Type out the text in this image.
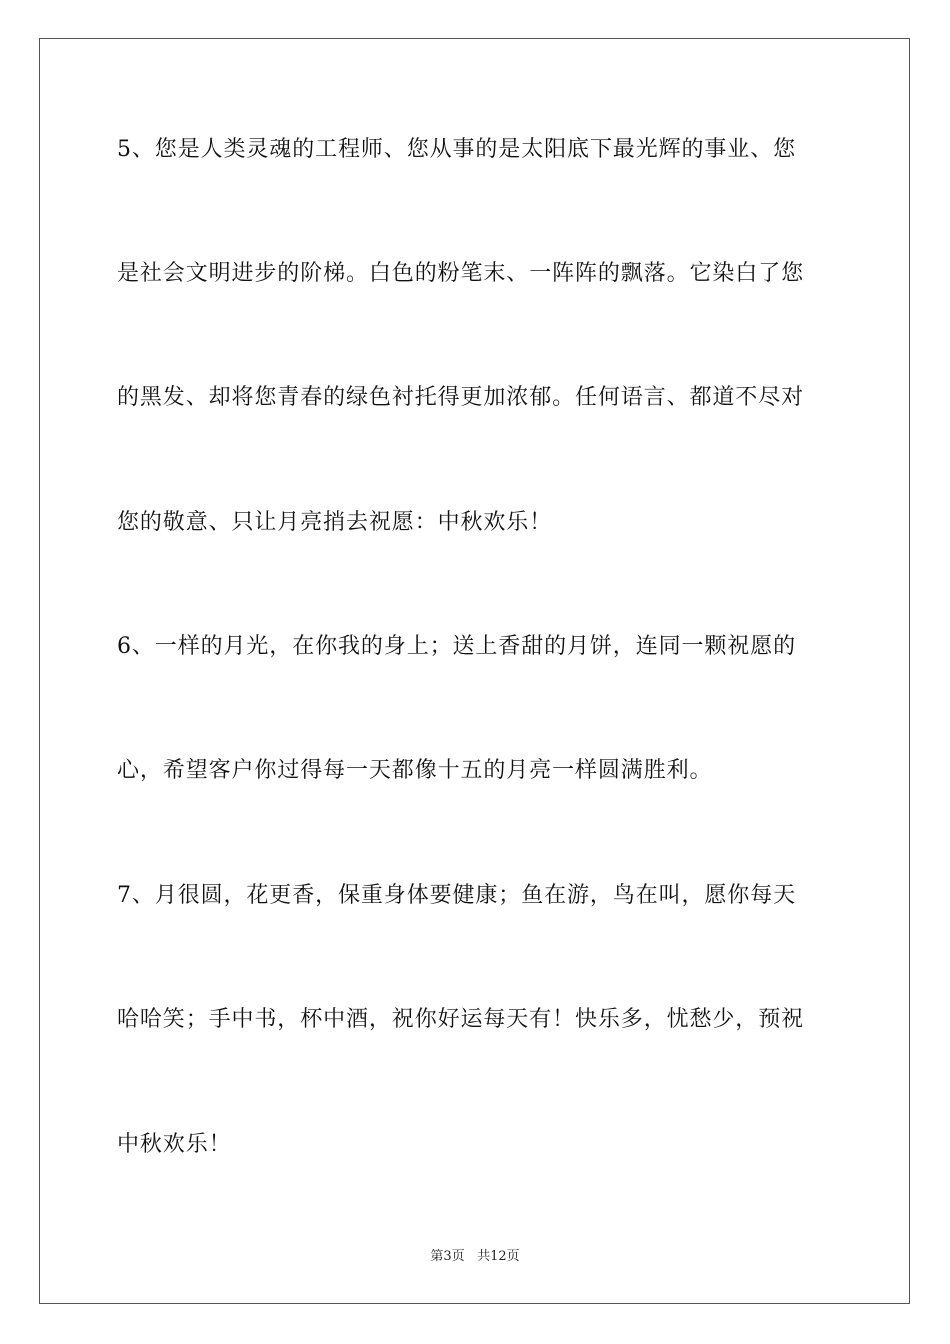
5、您是人类灵魂的工程师、您从事的是太阳底下最光辉的事业、您

是社会文明进步的阶梯。白色的粉笔末、一阵阵的飘落。它染白了您

的黑发、却将您青春的绿色衬托得更加浓郁。任何语言、都道不尽对

您的敬意、只让月亮捎去祝愿：中秋欢乐！

6、一样的月光，在你我的身上；送上香甜的月饼，连同一颗祝愿的

心，希望客户你过得每一天都像十五的月亮一样圆满胜利。

7、月很圆，花更香，保重身体要健康；鱼在游，鸟在叫，愿你每天

哈哈笑；手中书，杯中酒，祝你好运每天有！快乐多，忧愁少，预祝

中秋欢乐！

第3页 共12页
